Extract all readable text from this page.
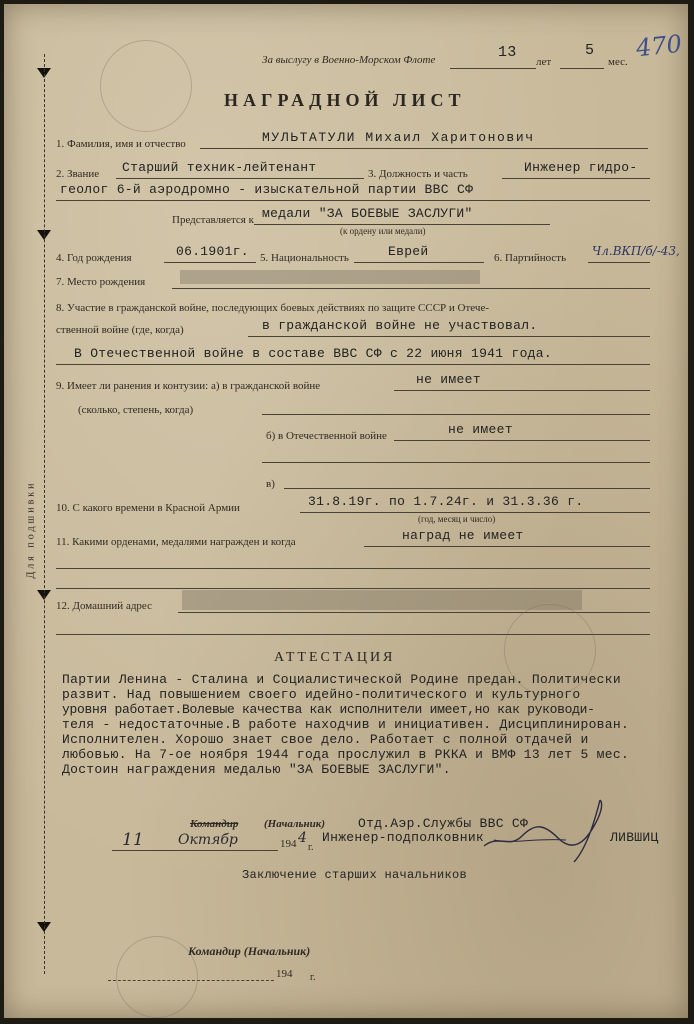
Для подшивки
За выслугу в Военно-Морском Флоте	13
лет
5
мес. 470
НАГРАДНОЙ ЛИСТ
1. Фамилия, имя и отчество	МУЛЬТАТУЛИ Михаил Харитонович
2. Звание Старший техник-лейтенант	3. Должность и часть	Инженер гидро-
геолог 6-й аэродромно - изыскательной партии ВВС СФ
Представляется к медали "ЗА БОЕВЫЕ ЗАСЛУГИ"
(к ордену или медали)
4. Год рождения	06.1901г. 5. Национальность	Еврей	6. Партийность Чл.ВКП/б/-43,
7. Место рождения
8. Участие в гражданской войне, последующих боевых действиях по защите СССР и Отече-
ственной войне (где, когда)	в гражданской войне не участвовал.
В Отечественной войне в составе ВВС СФ с 22 июня 1941 года.
9. Имеет ли ранения и контузии: а) в гражданской войне	не имеет
(сколько, степень, когда)
б) в Отечественной войне	не имеет
в)
10. С какого времени в Красной Армии	31.8.19г. по 1.7.24г. и 31.3.36 г.
(год, месяц и число)
11. Какими орденами, медалями награжден и когда	наград не имеет
12. Домашний адрес
АТТЕСТАЦИЯ
Партии Ленина - Сталина и Социалистической Родине предан. Политически
развит. Над повышением своего идейно-политического и культурного
уровня работает.Волевые качества как исполнители имеет,но как руководи-
теля - недостаточные.В работе находчив и инициативен. Дисциплинирован.
Исполнителен. Хорошо знает свое дело. Работает с полной отдачей и
любовью. На 7-ое ноября 1944 года прослужил в РККА и ВМФ 13 лет 5 мес.
Достоин награждения медалью "ЗА БОЕВЫЕ ЗАСЛУГИ".
Командир (Начальник)	Отд.Аэр.Службы ВВС СФ
Инженер-подполковник	ЛИВШИЦ
11 Октябр	194 4
г.
Заключение старших начальников
Командир (Начальник)
194 г.
